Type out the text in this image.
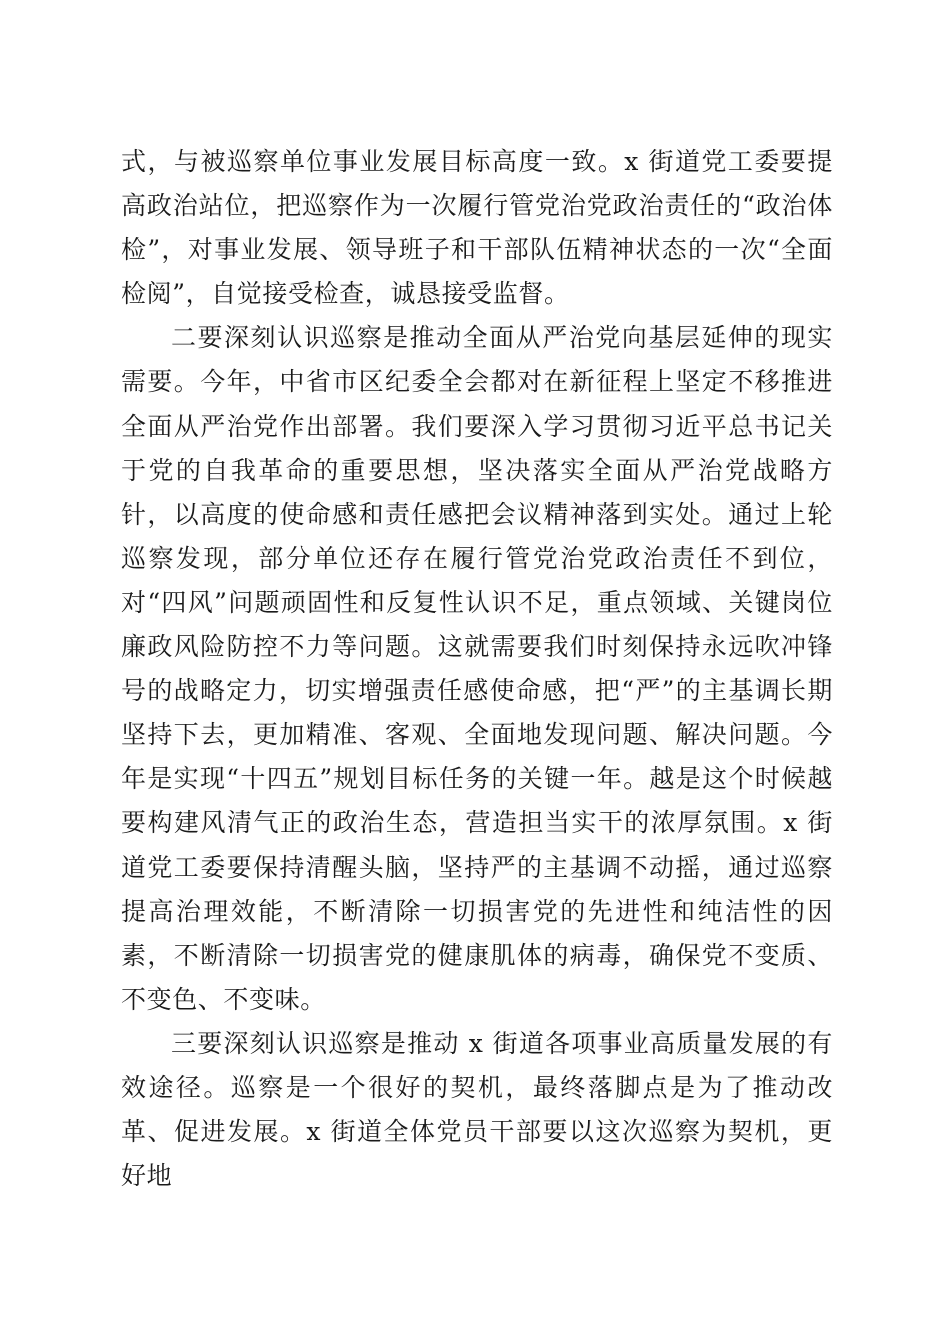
式，与被巡察单位事业发展目标高度一致。x 街道党工委要提高政治站位，把巡察作为一次履行管党治党政治责任的“政治体检”，对事业发展、领导班子和干部队伍精神状态的一次“全面检阅”，自觉接受检查，诚恳接受监督。

二要深刻认识巡察是推动全面从严治党向基层延伸的现实需要。今年，中省市区纪委全会都对在新征程上坚定不移推进全面从严治党作出部署。我们要深入学习贯彻习近平总书记关于党的自我革命的重要思想，坚决落实全面从严治党战略方针，以高度的使命感和责任感把会议精神落到实处。通过上轮巡察发现，部分单位还存在履行管党治党政治责任不到位，对“四风”问题顽固性和反复性认识不足，重点领域、关键岗位廉政风险防控不力等问题。这就需要我们时刻保持永远吹冲锋号的战略定力，切实增强责任感使命感，把“严”的主基调长期坚持下去，更加精准、客观、全面地发现问题、解决问题。今年是实现“十四五”规划目标任务的关键一年。越是这个时候越要构建风清气正的政治生态，营造担当实干的浓厚氛围。x 街道党工委要保持清醒头脑，坚持严的主基调不动摇，通过巡察提高治理效能，不断清除一切损害党的先进性和纯洁性的因素，不断清除一切损害党的健康肌体的病毒，确保党不变质、不变色、不变味。

三要深刻认识巡察是推动 x 街道各项事业高质量发展的有效途径。巡察是一个很好的契机，最终落脚点是为了推动改革、促进发展。x 街道全体党员干部要以这次巡察为契机，更好地
